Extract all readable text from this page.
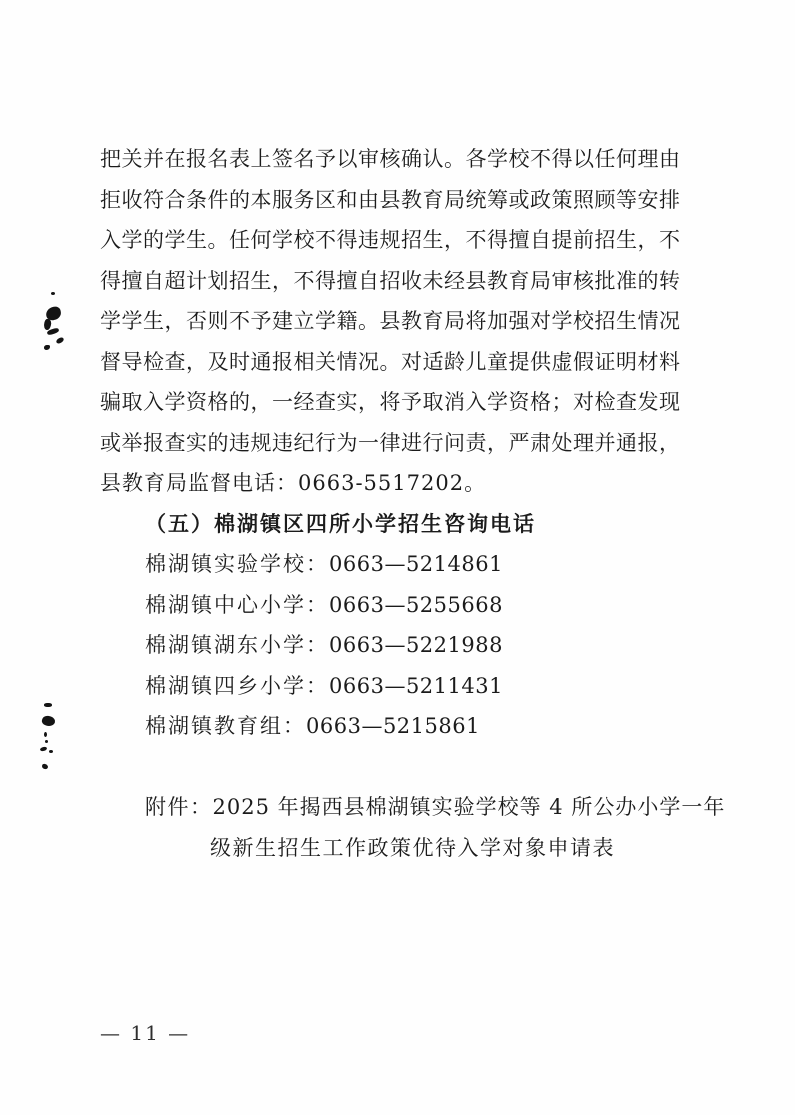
把关并在报名表上签名予以审核确认。各学校不得以任何理由
拒收符合条件的本服务区和由县教育局统筹或政策照顾等安排
入学的学生。任何学校不得违规招生，不得擅自提前招生，不
得擅自超计划招生，不得擅自招收未经县教育局审核批准的转
学学生，否则不予建立学籍。县教育局将加强对学校招生情况
督导检查，及时通报相关情况。对适龄儿童提供虚假证明材料
骗取入学资格的，一经查实，将予取消入学资格；对检查发现
或举报查实的违规违纪行为一律进行问责，严肃处理并通报，
县教育局监督电话：0663-5517202。
（五）棉湖镇区四所小学招生咨询电话
棉湖镇实验学校：0663—5214861
棉湖镇中心小学：0663—5255668
棉湖镇湖东小学：0663—5221988
棉湖镇四乡小学：0663—5211431
棉湖镇教育组：0663—5215861
附件：2025 年揭西县棉湖镇实验学校等 4 所公办小学一年
级新生招生工作政策优待入学对象申请表
— 11 —
